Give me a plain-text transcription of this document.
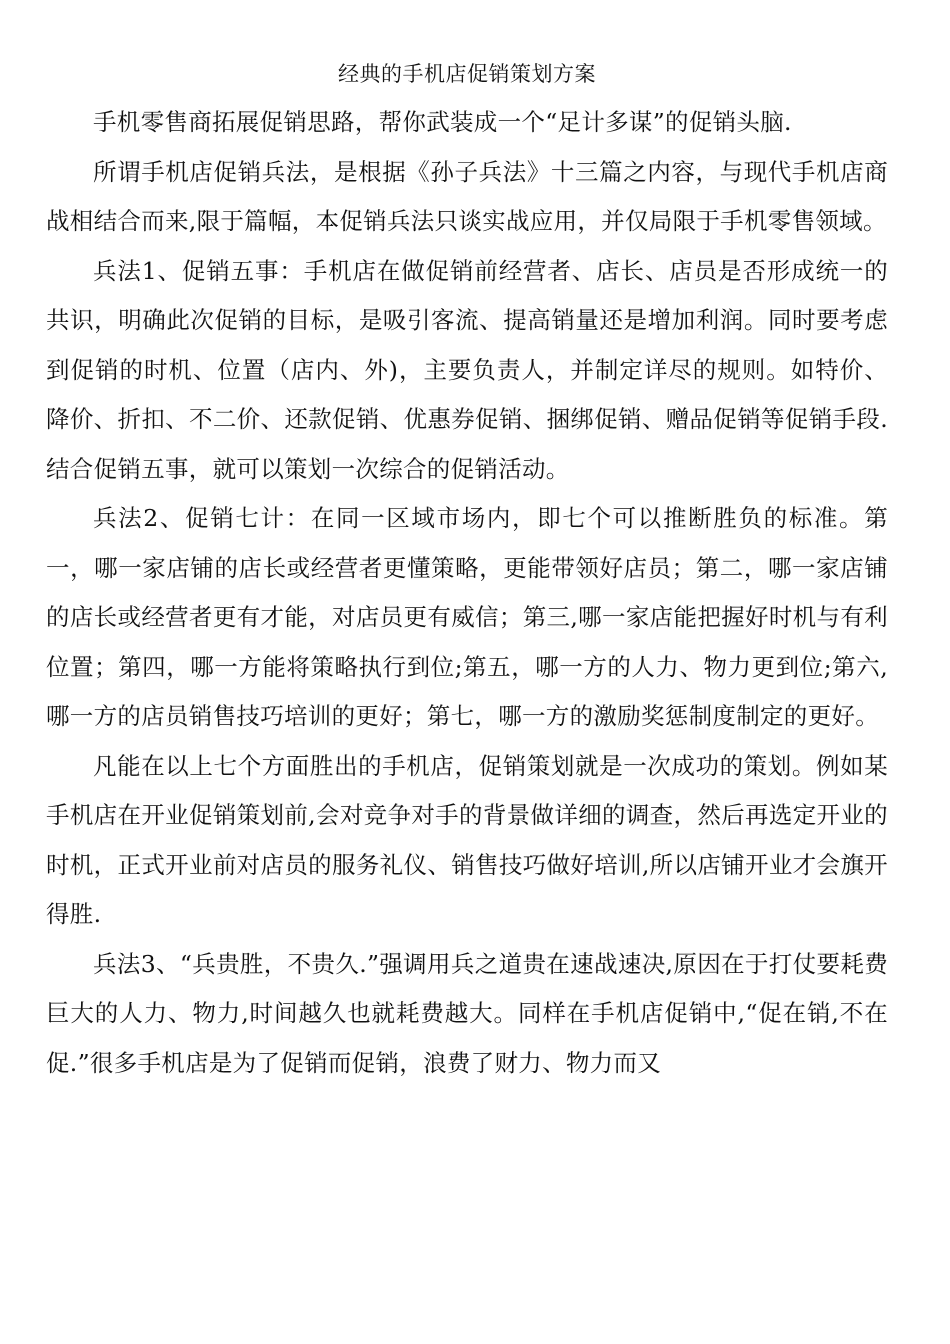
经典的手机店促销策划方案

手机零售商拓展促销思路，帮你武装成一个“足计多谋”的促销头脑.

所谓手机店促销兵法，是根据《孙子兵法》十三篇之内容，与现代手机店商战相结合而来,限于篇幅，本促销兵法只谈实战应用，并仅局限于手机零售领域。

兵法1、促销五事：手机店在做促销前经营者、店长、店员是否形成统一的共识，明确此次促销的目标，是吸引客流、提高销量还是增加利润。同时要考虑到促销的时机、位置（店内、外)，主要负责人，并制定详尽的规则。如特价、降价、折扣、不二价、还款促销、优惠券促销、捆绑促销、赠品促销等促销手段.结合促销五事，就可以策划一次综合的促销活动。

兵法2、促销七计：在同一区域市场内，即七个可以推断胜负的标准。第一，哪一家店铺的店长或经营者更懂策略，更能带领好店员；第二，哪一家店铺的店长或经营者更有才能，对店员更有威信；第三,哪一家店能把握好时机与有利位置；第四，哪一方能将策略执行到位;第五，哪一方的人力、物力更到位;第六,哪一方的店员销售技巧培训的更好；第七，哪一方的激励奖惩制度制定的更好。

凡能在以上七个方面胜出的手机店，促销策划就是一次成功的策划。例如某手机店在开业促销策划前,会对竞争对手的背景做详细的调查，然后再选定开业的时机，正式开业前对店员的服务礼仪、销售技巧做好培训,所以店铺开业才会旗开得胜.

兵法3、“兵贵胜，不贵久.”强调用兵之道贵在速战速决,原因在于打仗要耗费巨大的人力、物力,时间越久也就耗费越大。同样在手机店促销中,“促在销,不在促.”很多手机店是为了促销而促销，浪费了财力、物力而又
